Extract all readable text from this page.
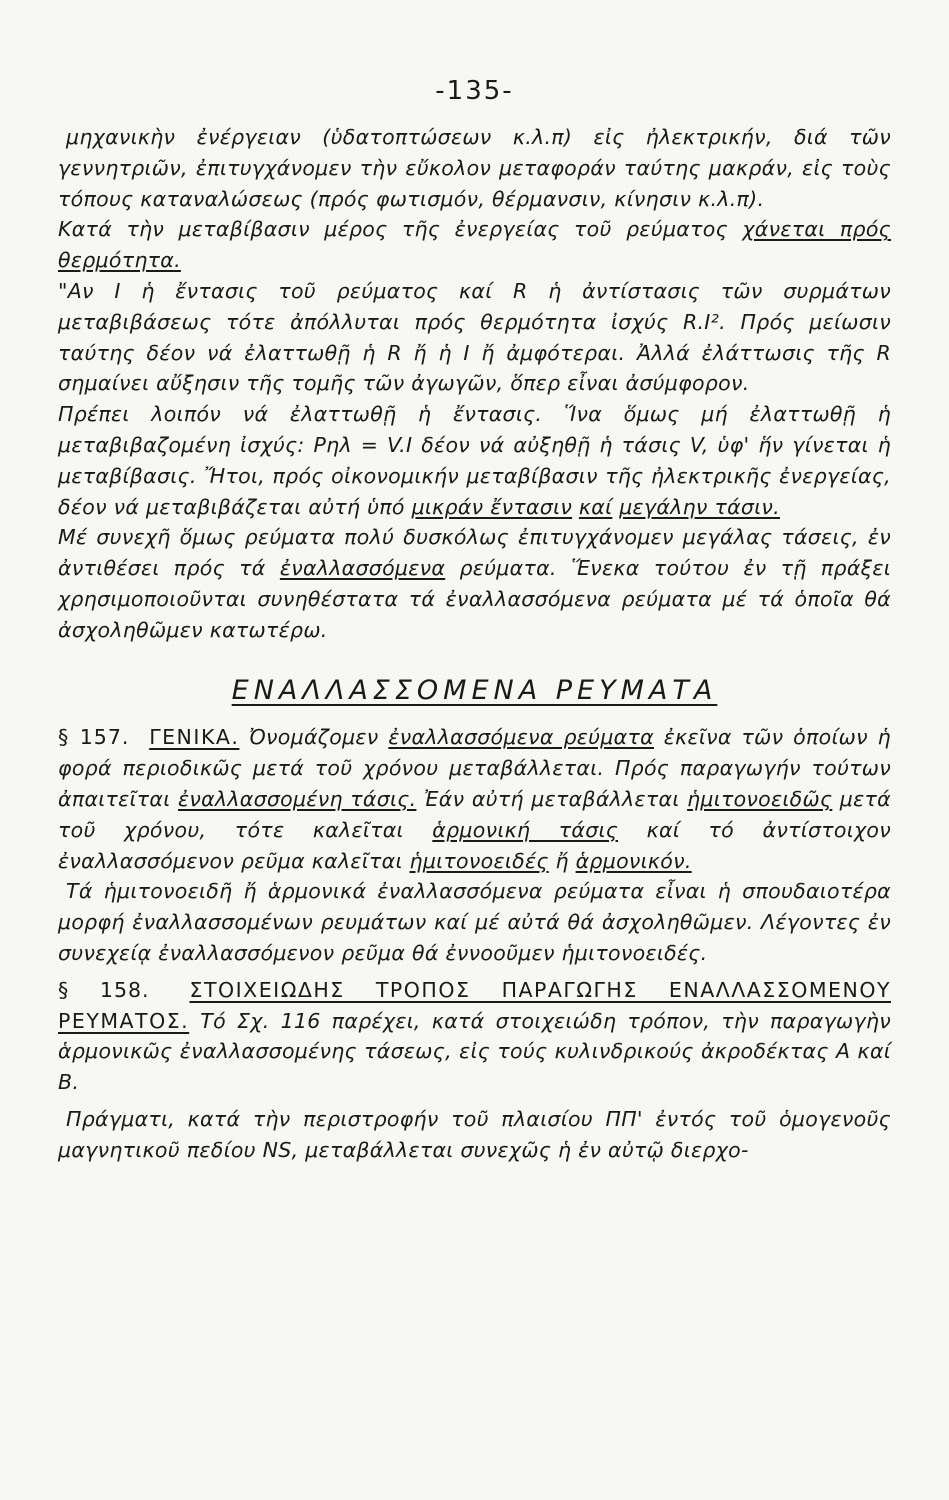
-135-

μηχανικὴν ἐνέργειαν (ὑδατοπτώσεων κ.λ.π) εἰς ἠλεκτρικήν, διά τῶν γεννητριῶν, ἐπιτυγχάνομεν τὴν εὔκολον μεταφοράν ταύτης μακράν, εἰς τοὺς τόπους καταναλώσεως (πρός φωτισμόν, θέρμανσιν, κίνησιν κ.λ.π).

Κατά τὴν μεταβίβασιν μέρος τῆς ἐνεργείας τοῦ ρεύματος χάνεται πρός θερμότητα.

"Αν Ι ἡ ἔντασις τοῦ ρεύματος καί R ἡ ἀντίστασις τῶν συρμάτων μεταβιβάσεως τότε ἀπόλλυται πρός θερμότητα ἰσχύς R.I². Πρός μείωσιν ταύτης δέον νά ἐλαττωθῇ ἡ R ἤ ἡ Ι ἤ ἀμφότεραι. Ἀλλά ἐλάττωσις τῆς R σημαίνει αὔξησιν τῆς τομῆς τῶν ἀγωγῶν, ὅπερ εἶναι ἀσύμφορον.

Πρέπει λοιπόν νά ἐλαττωθῇ ἡ ἔντασις. Ἵνα ὅμως μή ἐλαττωθῇ ἡ μεταβιβαζομένη ἰσχύς: Pηλ = V.I δέον νά αὐξηθῇ ἡ τάσις V, ὑφ' ἥν γίνεται ἡ μεταβίβασις. Ἤτοι, πρός οἰκονομικήν μεταβίβασιν τῆς ἠλεκτρικῆς ἐνεργείας, δέον νά μεταβιβάζεται αὐτή ὑπό μικράν ἔντασιν καί μεγάλην τάσιν.

Μέ συνεχῆ ὅμως ρεύματα πολύ δυσκόλως ἐπιτυγχάνομεν μεγάλας τάσεις, ἐν ἀντιθέσει πρός τά ἐναλλασσόμενα ρεύματα. Ἕνεκα τούτου ἐν τῇ πράξει χρησιμοποιοῦνται συνηθέστατα τά ἐναλλασσόμενα ρεύματα μέ τά ὁποῖα θά ἀσχοληθῶμεν κατωτέρω.

ΕΝΑΛΛΑΣΣΟΜΕΝΑ ΡΕΥΜΑΤΑ

§ 157. ΓΕΝΙΚΑ. Ὀνομάζομεν ἐναλλασσόμενα ρεύματα ἐκεῖνα τῶν ὁποίων ἡ φορά περιοδικῶς μετά τοῦ χρόνου μεταβάλλεται. Πρός παραγωγήν τούτων ἀπαιτεῖται ἐναλλασσομένη τάσις. Ἐάν αὐτή μεταβάλλεται ἡμιτονοειδῶς μετά τοῦ χρόνου, τότε καλεῖται ἁρμονική τάσις καί τό ἀντίστοιχον ἐναλλασσόμενον ρεῦμα καλεῖται ἡμιτονοειδές ἤ ἁρμονικόν.

Τά ἡμιτονοειδῆ ἤ ἁρμονικά ἐναλλασσόμενα ρεύματα εἶναι ἡ σπουδαιοτέρα μορφή ἐναλλασσομένων ρευμάτων καί μέ αὐτά θά ἀσχοληθῶμεν. Λέγοντες ἐν συνεχείᾳ ἐναλλασσόμενον ρεῦμα θά ἐννοοῦμεν ἡμιτονοειδές.

§ 158. ΣΤΟΙΧΕΙΩΔΗΣ ΤΡΟΠΟΣ ΠΑΡΑΓΩΓΗΣ ΕΝΑΛΛΑΣΣΟΜΕΝΟΥ ΡΕΥΜΑΤΟΣ. Τό Σχ. 116 παρέχει, κατά στοιχειώδη τρόπον, τὴν παραγωγὴν ἁρμονικῶς ἐναλλασσομένης τάσεως, εἰς τούς κυλινδρικούς ἀκροδέκτας Α καί Β.

Πράγματι, κατά τὴν περιστροφήν τοῦ πλαισίου ΠΠ' ἐντός τοῦ ὁμογενοῦς μαγνητικοῦ πεδίου ΝS, μεταβάλλεται συνεχῶς ἡ ἐν αὐτῷ διερχο-
